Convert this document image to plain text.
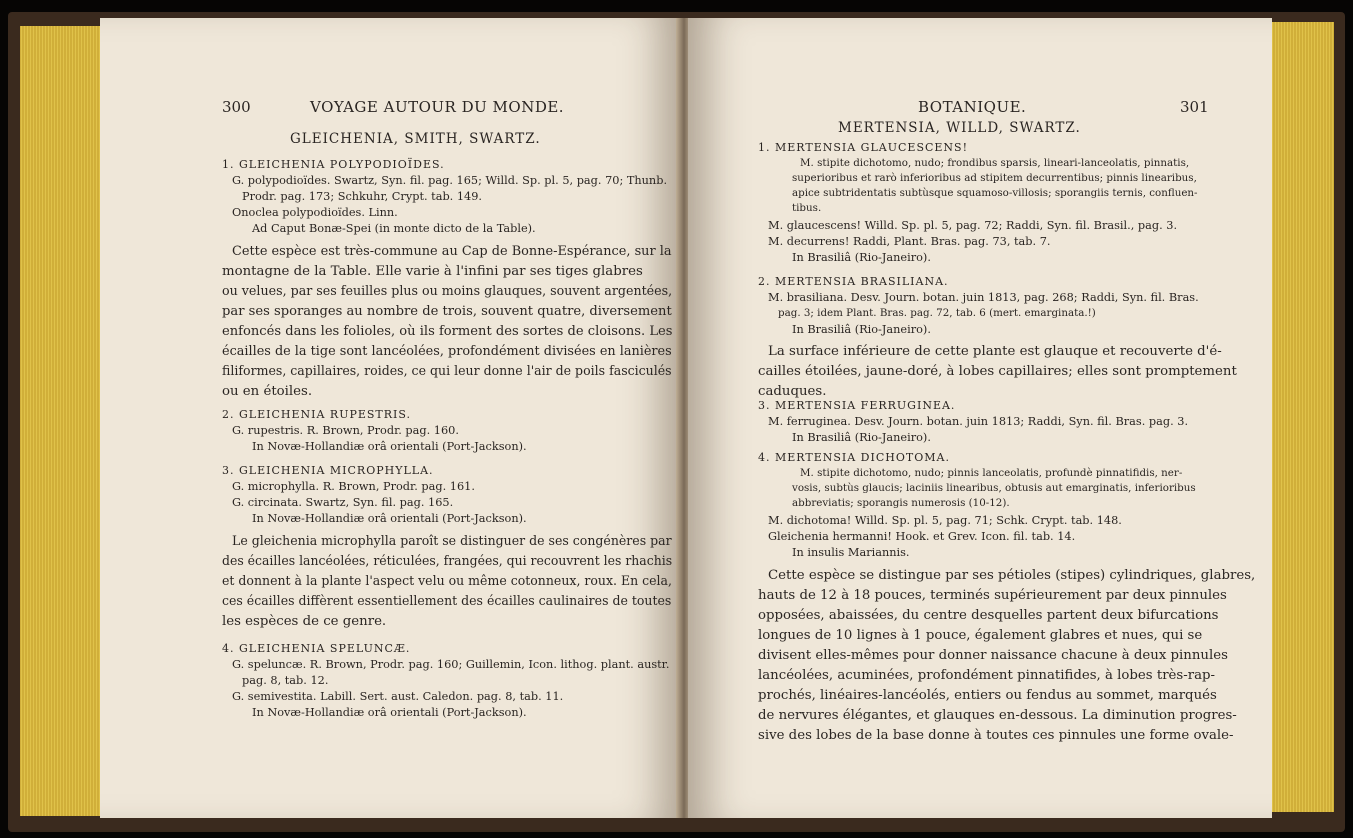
300	VOYAGE AUTOUR DU MONDE.
GLEICHENIA, SMITH, SWARTZ.
1. GLEICHENIA POLYPODIOÏDES.
G. polypodioïdes. Swartz, Syn. fil. pag. 165; Willd. Sp. pl. 5, pag. 70; Thunb.
Prodr. pag. 173; Schkuhr, Crypt. tab. 149.
Onoclea polypodioïdes. Linn.
Ad Caput Bonæ-Spei (in monte dicto de la Table).
Cette espèce est très-commune au Cap de Bonne-Espérance, sur la
montagne de la Table. Elle varie à l'infini par ses tiges glabres
ou velues, par ses feuilles plus ou moins glauques, souvent argentées,
par ses sporanges au nombre de trois, souvent quatre, diversement
enfoncés dans les folioles, où ils forment des sortes de cloisons. Les
écailles de la tige sont lancéolées, profondément divisées en lanières
filiformes, capillaires, roides, ce qui leur donne l'air de poils fasciculés
ou en étoiles.
2. GLEICHENIA RUPESTRIS.
G. rupestris. R. Brown, Prodr. pag. 160.
In Novæ-Hollandiæ orâ orientali (Port-Jackson).
3. GLEICHENIA MICROPHYLLA.
G. microphylla. R. Brown, Prodr. pag. 161.
G. circinata. Swartz, Syn. fil. pag. 165.
In Novæ-Hollandiæ orâ orientali (Port-Jackson).
Le gleichenia microphylla paroît se distinguer de ses congénères par
des écailles lancéolées, réticulées, frangées, qui recouvrent les rhachis
et donnent à la plante l'aspect velu ou même cotonneux, roux. En cela,
ces écailles diffèrent essentiellement des écailles caulinaires de toutes
les espèces de ce genre.
4. GLEICHENIA SPELUNCÆ.
G. speluncæ. R. Brown, Prodr. pag. 160; Guillemin, Icon. lithog. plant. austr.
pag. 8, tab. 12.
G. semivestita. Labill. Sert. aust. Caledon. pag. 8, tab. 11.
In Novæ-Hollandiæ orâ orientali (Port-Jackson).
BOTANIQUE.	301
MERTENSIA, WILLD, SWARTZ.
1. MERTENSIA GLAUCESCENS!
M. stipite dichotomo, nudo; frondibus sparsis, lineari-lanceolatis, pinnatis,
superioribus et rarò inferioribus ad stipitem decurrentibus; pinnis linearibus,
apice subtridentatis subtùsque squamoso-villosis; sporangiis ternis, confluen-
tibus.
M. glaucescens! Willd. Sp. pl. 5, pag. 72; Raddi, Syn. fil. Brasil., pag. 3.
M. decurrens! Raddi, Plant. Bras. pag. 73, tab. 7.
In Brasiliâ (Rio-Janeiro).
2. MERTENSIA BRASILIANA.
M. brasiliana. Desv. Journ. botan. juin 1813, pag. 268; Raddi, Syn. fil. Bras.
pag. 3; idem Plant. Bras. pag. 72, tab. 6 (mert. emarginata.!)
In Brasiliâ (Rio-Janeiro).
La surface inférieure de cette plante est glauque et recouverte d'é-
cailles étoilées, jaune-doré, à lobes capillaires; elles sont promptement
caduques.
3. MERTENSIA FERRUGINEA.
M. ferruginea. Desv. Journ. botan. juin 1813; Raddi, Syn. fil. Bras. pag. 3.
In Brasiliâ (Rio-Janeiro).
4. MERTENSIA DICHOTOMA.
M. stipite dichotomo, nudo; pinnis lanceolatis, profundè pinnatifidis, ner-
vosis, subtùs glaucis; laciniis linearibus, obtusis aut emarginatis, inferioribus
abbreviatis; sporangis numerosis (10-12).
M. dichotoma! Willd. Sp. pl. 5, pag. 71; Schk. Crypt. tab. 148.
Gleichenia hermanni! Hook. et Grev. Icon. fil. tab. 14.
In insulis Mariannis.
Cette espèce se distingue par ses pétioles (stipes) cylindriques, glabres,
hauts de 12 à 18 pouces, terminés supérieurement par deux pinnules
opposées, abaissées, du centre desquelles partent deux bifurcations
longues de 10 lignes à 1 pouce, également glabres et nues, qui se
divisent elles-mêmes pour donner naissance chacune à deux pinnules
lancéolées, acuminées, profondément pinnatifides, à lobes très-rap-
prochés, linéaires-lancéolés, entiers ou fendus au sommet, marqués
de nervures élégantes, et glauques en-dessous. La diminution progres-
sive des lobes de la base donne à toutes ces pinnules une forme ovale-
